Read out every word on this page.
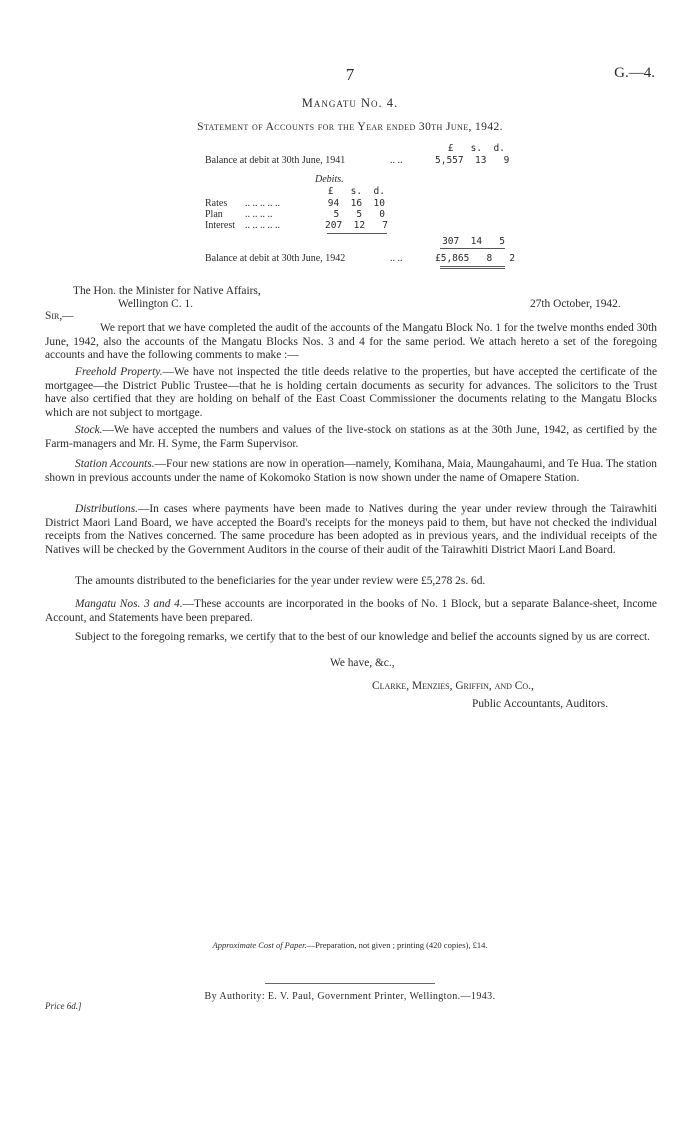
7	G.—4.
Mangatu No. 4.
Statement of Accounts for the Year ended 30th June, 1942.
£   s.  d.
Balance at debit at 30th June, 1941	.. ..	5,557  13   9
Debits.
£   s.  d.
Rates .. .. .. .. ..	94  16  10
Plan .. .. .. ..	5   5   0
Interest .. .. .. .. ..	207  12   7
307  14   5
Balance at debit at 30th June, 1942	.. ..	£5,865   8   2
The Hon. the Minister for Native Affairs,
Wellington C. 1.	27th October, 1942.
Sir,—
We report that we have completed the audit of the accounts of the Mangatu Block No. 1 for the twelve months ended 30th June, 1942, also the accounts of the Mangatu Blocks Nos. 3 and 4 for the same period. We attach hereto a set of the foregoing accounts and have the following comments to make :—
Freehold Property.—We have not inspected the title deeds relative to the properties, but have accepted the certificate of the mortgagee—the District Public Trustee—that he is holding certain documents as security for advances. The solicitors to the Trust have also certified that they are holding on behalf of the East Coast Commissioner the documents relating to the Mangatu Blocks which are not subject to mortgage.
Stock.—We have accepted the numbers and values of the live-stock on stations as at the 30th June, 1942, as certified by the Farm-managers and Mr. H. Syme, the Farm Supervisor.
Station Accounts.—Four new stations are now in operation—namely, Komihana, Maia, Maungahaumi, and Te Hua. The station shown in previous accounts under the name of Kokomoko Station is now shown under the name of Omapere Station.
Distributions.—In cases where payments have been made to Natives during the year under review through the Tairawhiti District Maori Land Board, we have accepted the Board's receipts for the moneys paid to them, but have not checked the individual receipts from the Natives concerned. The same procedure has been adopted as in previous years, and the individual receipts of the Natives will be checked by the Government Auditors in the course of their audit of the Tairawhiti District Maori Land Board.
The amounts distributed to the beneficiaries for the year under review were £5,278 2s. 6d.
Mangatu Nos. 3 and 4.—These accounts are incorporated in the books of No. 1 Block, but a separate Balance-sheet, Income Account, and Statements have been prepared.
Subject to the foregoing remarks, we certify that to the best of our knowledge and belief the accounts signed by us are correct.
We have, &c.,
Clarke, Menzies, Griffin, and Co.,
Public Accountants, Auditors.
Approximate Cost of Paper.—Preparation, not given ; printing (420 copies), £14.
By Authority: E. V. Paul, Government Printer, Wellington.—1943.
Price 6d.]
